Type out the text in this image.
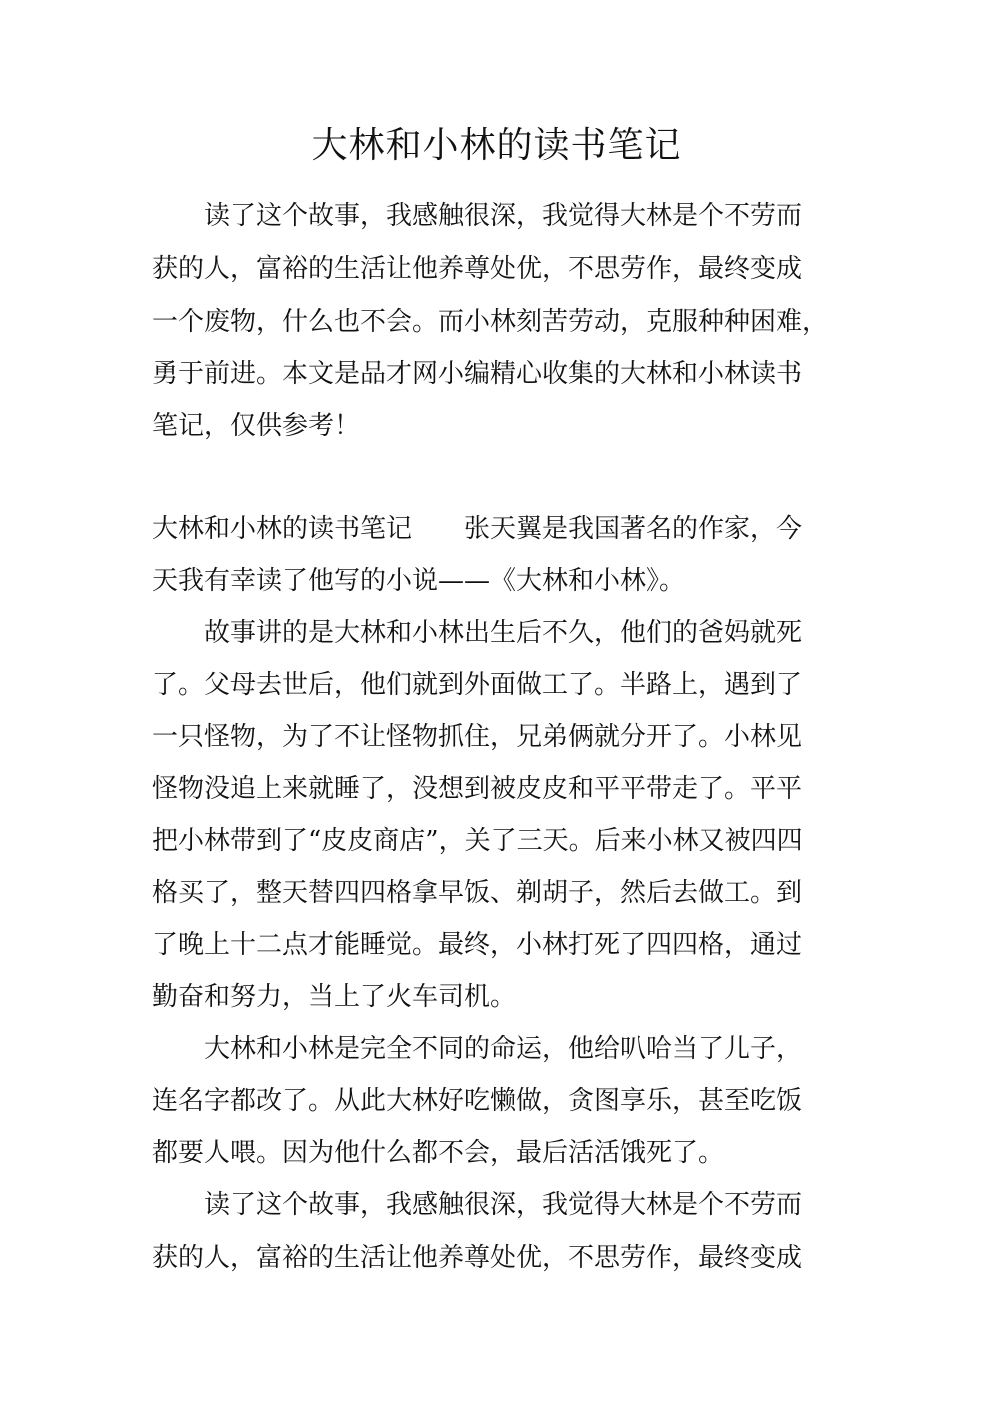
大林和小林的读书笔记

读了这个故事，我感触很深，我觉得大林是个不劳而

获的人，富裕的生活让他养尊处优，不思劳作，最终变成

一个废物，什么也不会。而小林刻苦劳动，克服种种困难，

勇于前进。本文是品才网小编精心收集的大林和小林读书

笔记，仅供参考！

大林和小林的读书笔记　　张天翼是我国著名的作家，今

天我有幸读了他写的小说——《大林和小林》。

故事讲的是大林和小林出生后不久，他们的爸妈就死

了。父母去世后，他们就到外面做工了。半路上，遇到了

一只怪物，为了不让怪物抓住，兄弟俩就分开了。小林见

怪物没追上来就睡了，没想到被皮皮和平平带走了。平平

把小林带到了“皮皮商店”，关了三天。后来小林又被四四

格买了，整天替四四格拿早饭、剃胡子，然后去做工。到

了晚上十二点才能睡觉。最终，小林打死了四四格，通过

勤奋和努力，当上了火车司机。

大林和小林是完全不同的命运，他给叭哈当了儿子，

连名字都改了。从此大林好吃懒做，贪图享乐，甚至吃饭

都要人喂。因为他什么都不会，最后活活饿死了。

读了这个故事，我感触很深，我觉得大林是个不劳而

获的人，富裕的生活让他养尊处优，不思劳作，最终变成
